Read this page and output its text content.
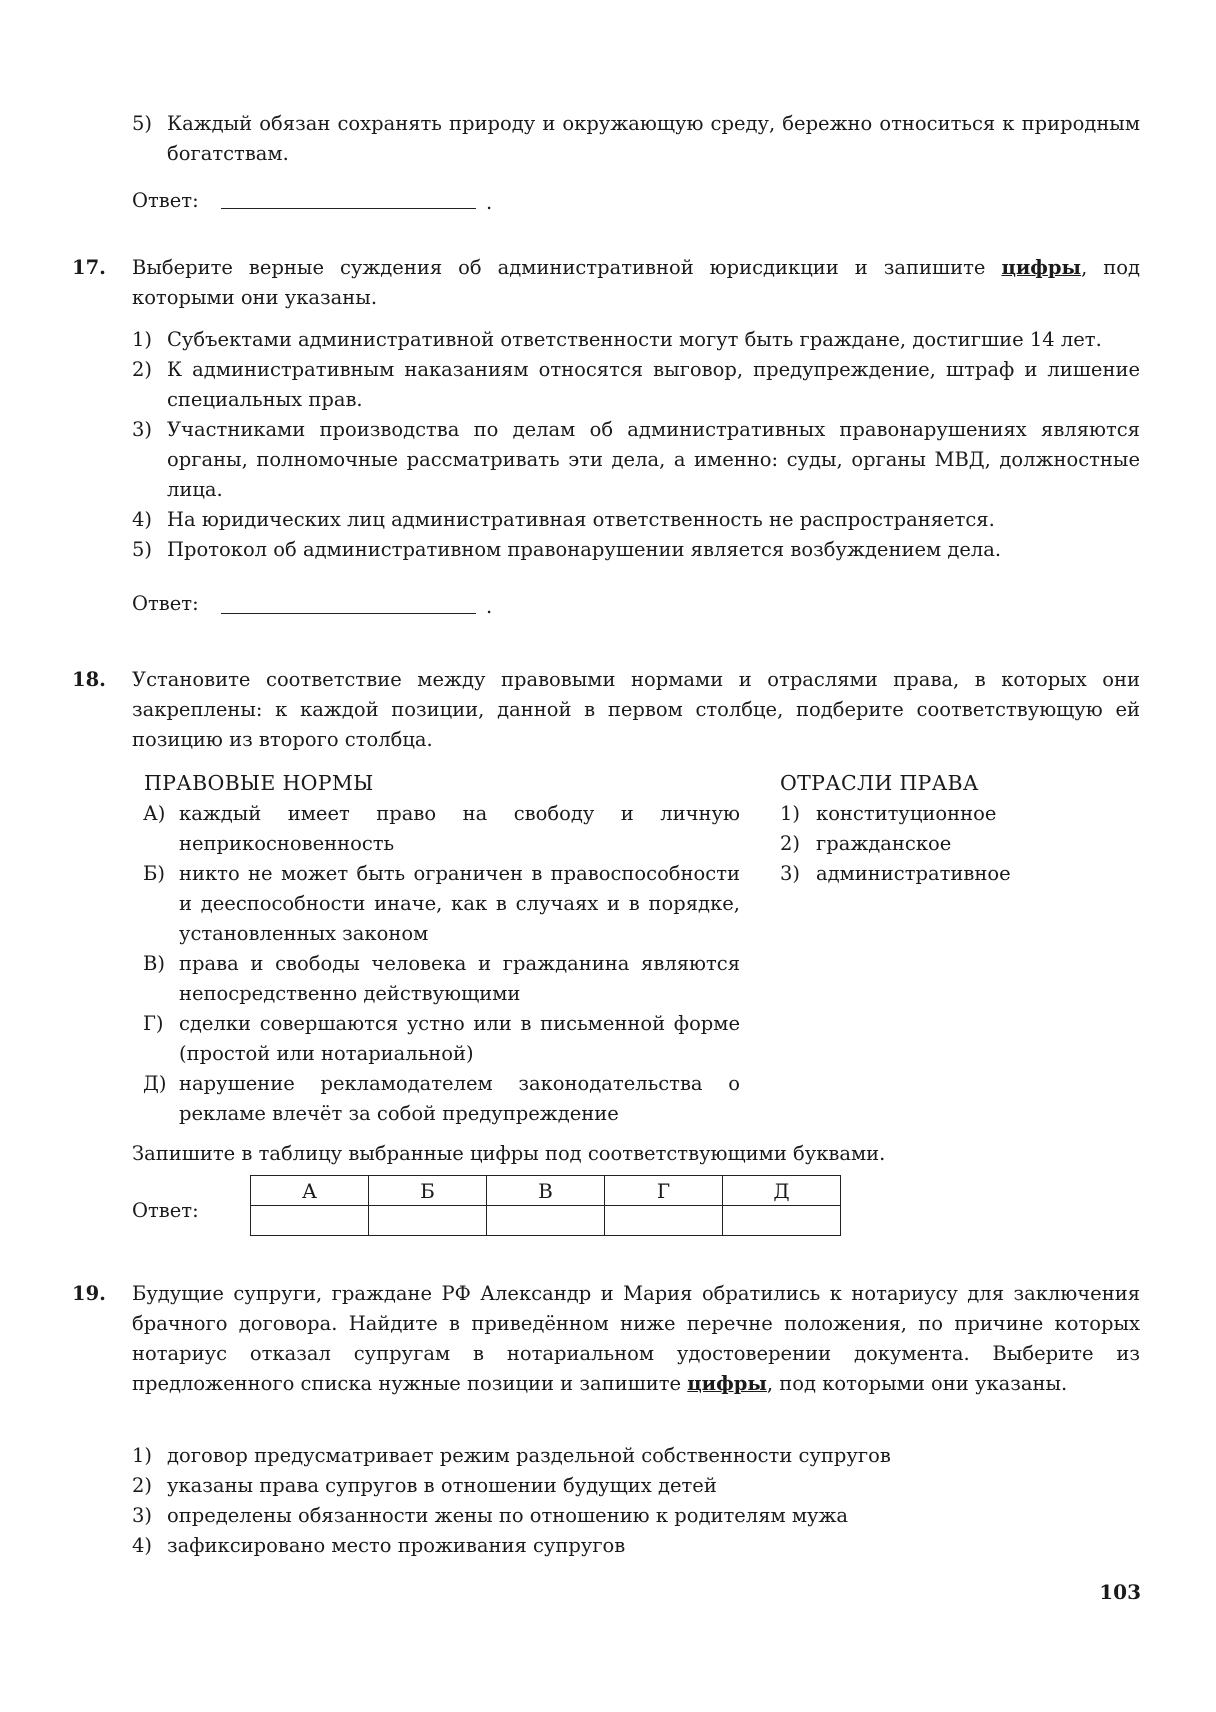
5) Каждый обязан сохранять природу и окружающую среду, бережно относиться к природным богатствам.
Ответ:	.
17.	Выберите верные суждения об административной юрисдикции и запишите цифры, под которыми они указаны.

1) Субъектами административной ответственности могут быть граждане, достигшие 14 лет.
2) К административным наказаниям относятся выговор, предупреждение, штраф и лишение специальных прав.
3) Участниками производства по делам об административных правонарушениях являются органы, полномочные рассматривать эти дела, а именно: суды, органы МВД, должностные лица.
4) На юридических лиц административная ответственность не распространяется.
5) Протокол об административном правонарушении является возбуждением дела.
Ответ:	.
18.	Установите соответствие между правовыми нормами и отраслями права, в которых они закреплены: к каждой позиции, данной в первом столбце, подберите соответствующую ей позицию из второго столбца.

ПРАВОВЫЕ НОРМЫ	ОТРАСЛИ ПРАВА
А) каждый имеет право на свободу и личную неприкосновенность
Б) никто не может быть ограничен в правоспособности и дееспособности иначе, как в случаях и в порядке, установленных законом
В) права и свободы человека и гражданина являются непосредственно действующими
Г) сделки совершаются устно или в письменной форме (простой или нотариальной)
Д) нарушение рекламодателем законодательства о рекламе влечёт за собой предупреждение
1) конституционное
2) гражданское
3) административное
Запишите в таблицу выбранные цифры под соответствующими буквами.
Ответ:
А	Б	В	Г	Д

19.	Будущие супруги, граждане РФ Александр и Мария обратились к нотариусу для заключения брачного договора. Найдите в приведённом ниже перечне положения, по причине которых нотариус отказал супругам в нотариальном удостоверении документа. Выберите из предложенного списка нужные позиции и запишите цифры, под которыми они указаны.

1) договор предусматривает режим раздельной собственности супругов
2) указаны права супругов в отношении будущих детей
3) определены обязанности жены по отношению к родителям мужа
4) зафиксировано место проживания супругов
103
